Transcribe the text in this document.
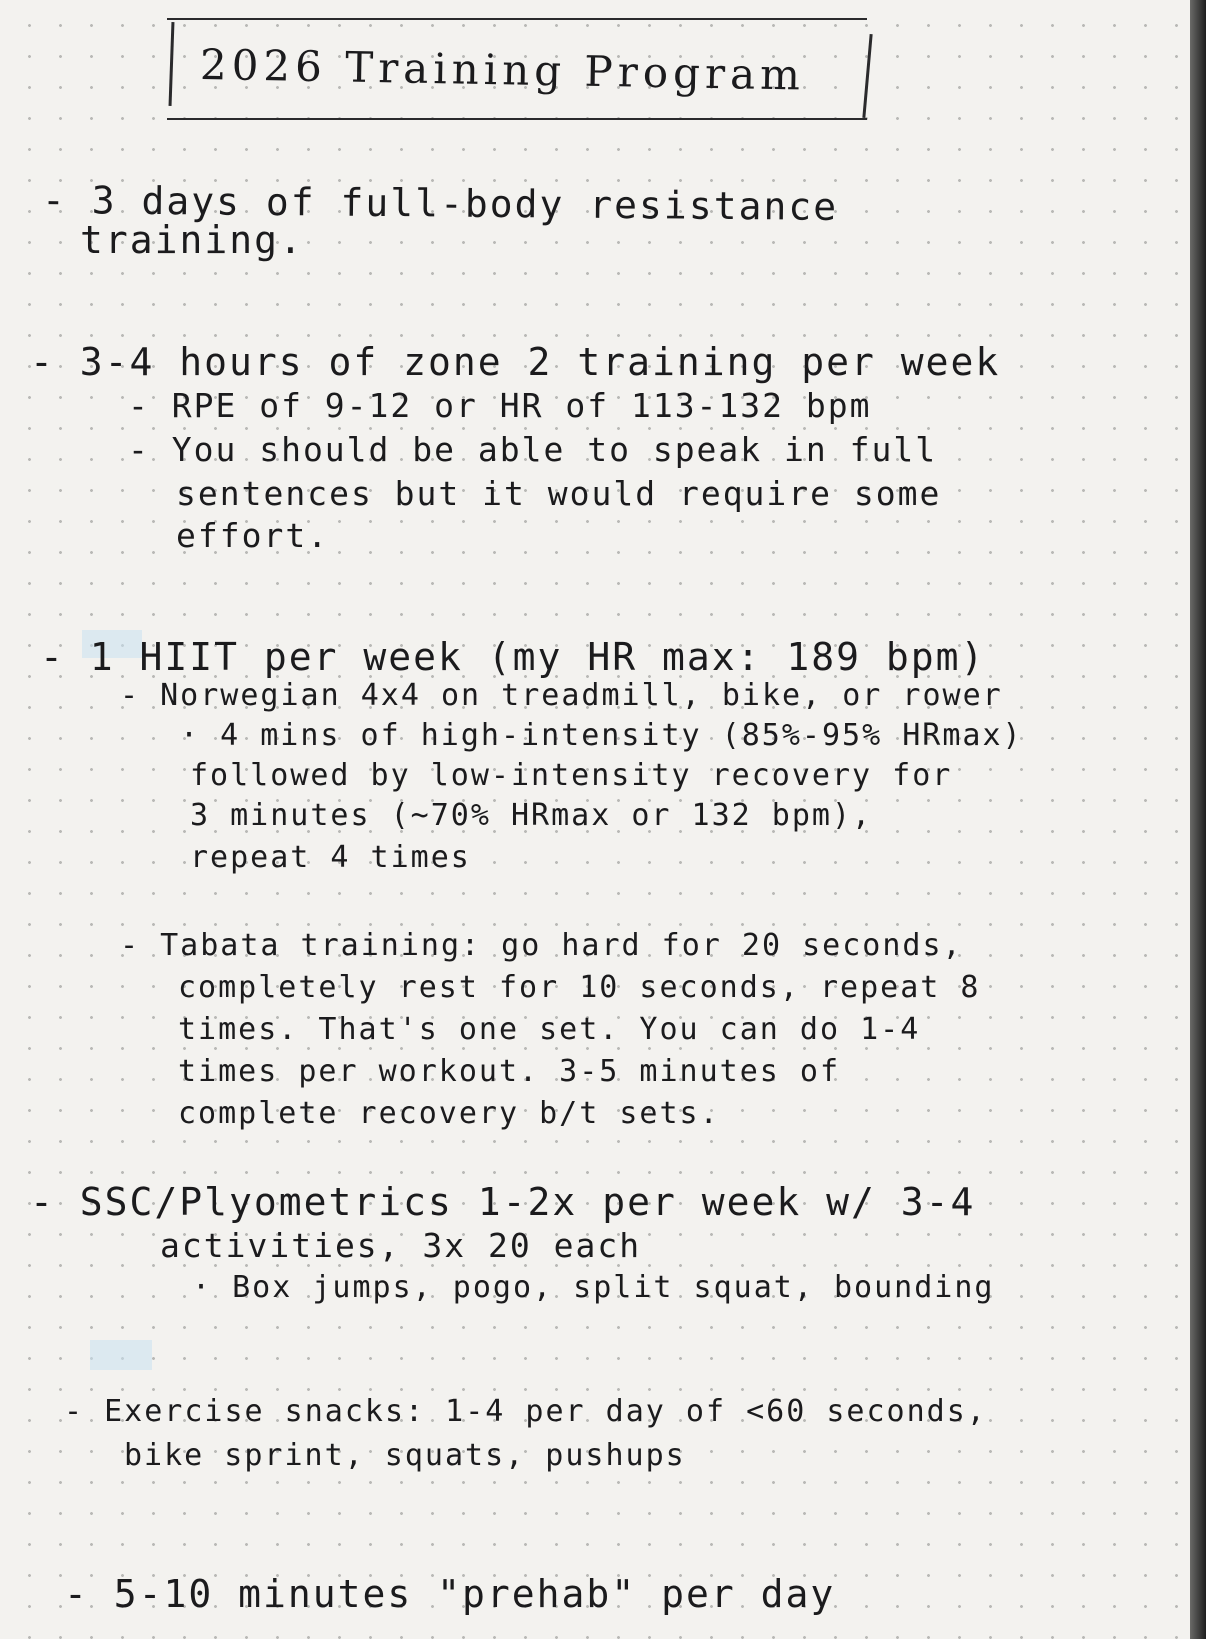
2026 Training Program
- 3 days of full-body resistance
training.
- 3-4 hours of zone 2 training per week
- RPE of 9-12 or HR of 113-132 bpm
- You should be able to speak in full
sentences but it would require some
effort.
- 1 HIIT per week (my HR max: 189 bpm)
- Norwegian 4x4 on treadmill, bike, or rower
· 4 mins of high-intensity (85%-95% HRmax)
followed by low-intensity recovery for
3 minutes (~70% HRmax or 132 bpm),
repeat 4 times
- Tabata training: go hard for 20 seconds,
completely rest for 10 seconds, repeat 8
times. That's one set. You can do 1-4
times per workout. 3-5 minutes of
complete recovery b/t sets.
- SSC/Plyometrics 1-2x per week w/ 3-4
activities, 3x 20 each
· Box jumps, pogo, split squat, bounding
- Exercise snacks: 1-4 per day of <60 seconds,
bike sprint, squats, pushups
- 5-10 minutes "prehab" per day
